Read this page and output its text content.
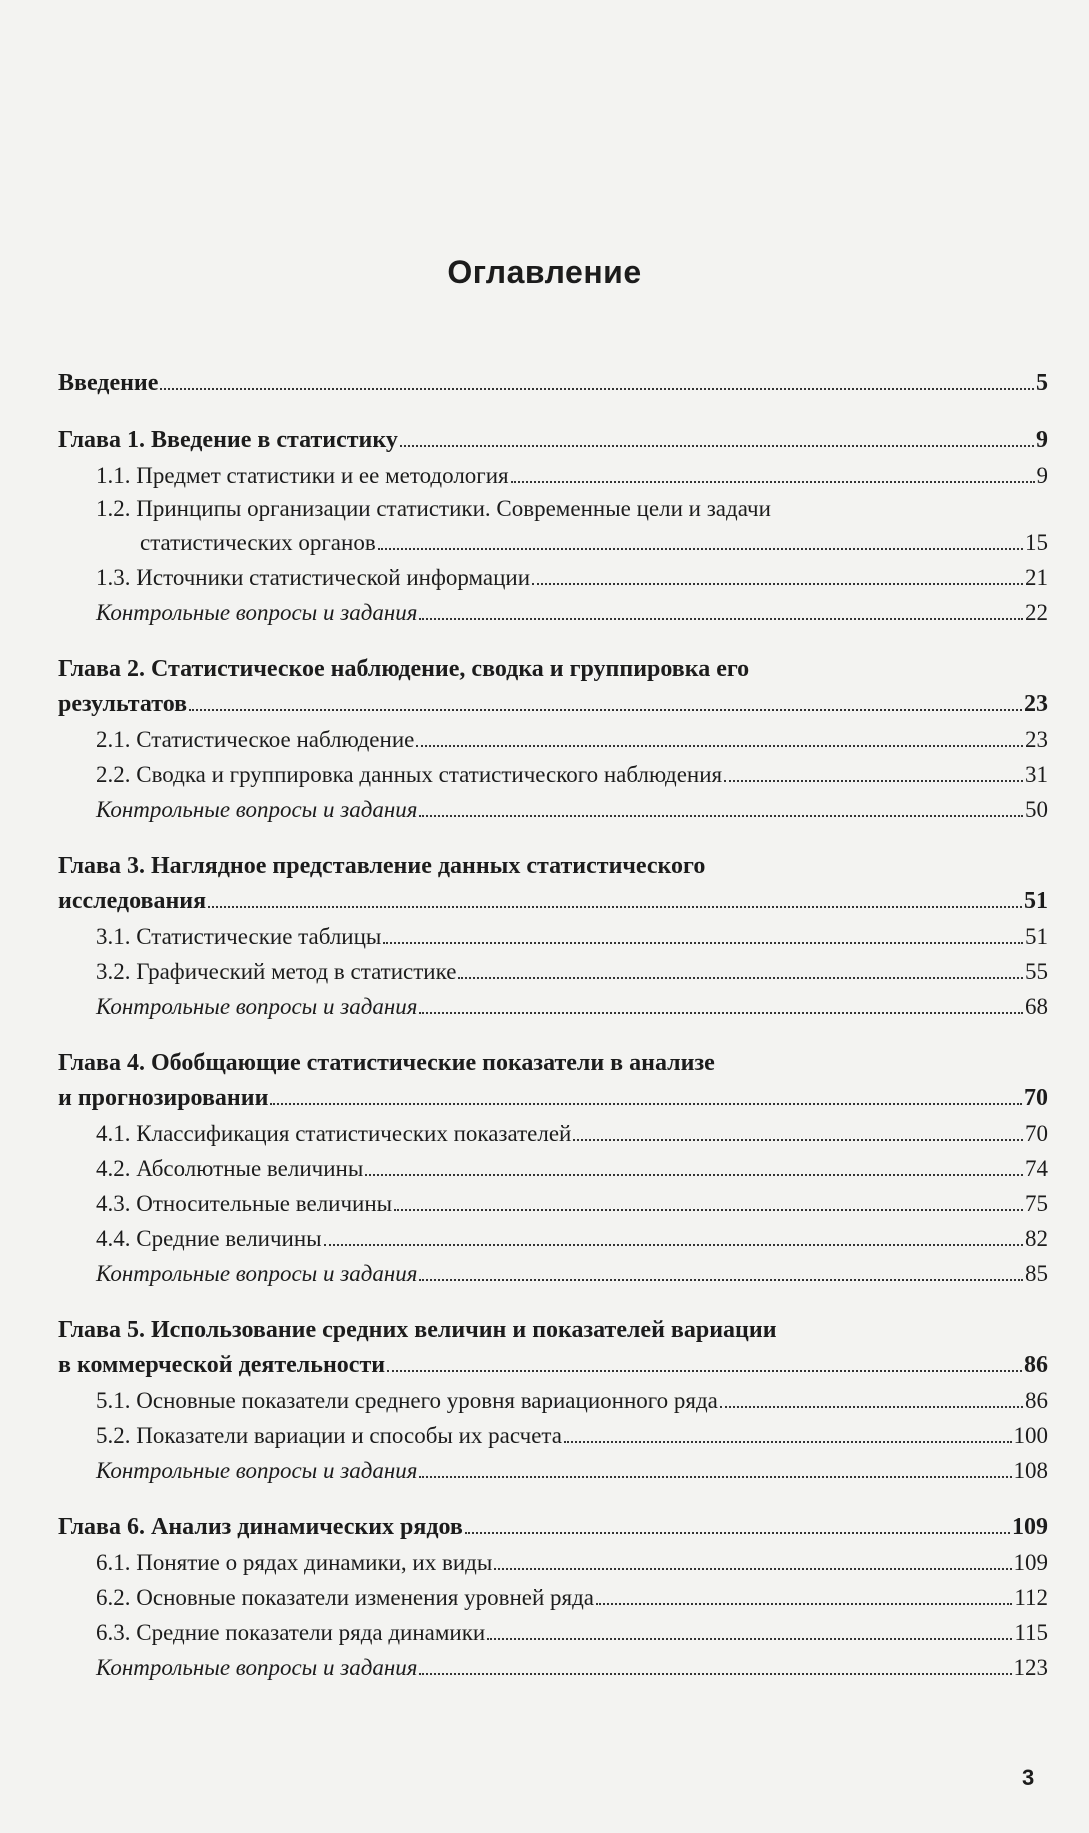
Оглавление
Введение	5
Глава 1. Введение в статистику	9
1.1. Предмет статистики и ее методология	9
1.2. Принципы организации статистики. Современные цели и задачи
статистических органов	15
1.3. Источники статистической информации	21
Контрольные вопросы и задания	22
Глава 2. Статистическое наблюдение, сводка и группировка его
результатов	23
2.1. Статистическое наблюдение	23
2.2. Сводка и группировка данных статистического наблюдения	31
Контрольные вопросы и задания	50
Глава 3. Наглядное представление данных статистического
исследования	51
3.1. Статистические таблицы	51
3.2. Графический метод в статистике	55
Контрольные вопросы и задания	68
Глава 4. Обобщающие статистические показатели в анализе
и прогнозировании	70
4.1. Классификация статистических показателей	70
4.2. Абсолютные величины	74
4.3. Относительные величины	75
4.4. Средние величины	82
Контрольные вопросы и задания	85
Глава 5. Использование средних величин и показателей вариации
в коммерческой деятельности	86
5.1. Основные показатели среднего уровня вариационного ряда	86
5.2. Показатели вариации и способы их расчета	100
Контрольные вопросы и задания	108
Глава 6. Анализ динамических рядов	109
6.1. Понятие о рядах динамики, их виды	109
6.2. Основные показатели изменения уровней ряда	112
6.3. Средние показатели ряда динамики	115
Контрольные вопросы и задания	123
3
